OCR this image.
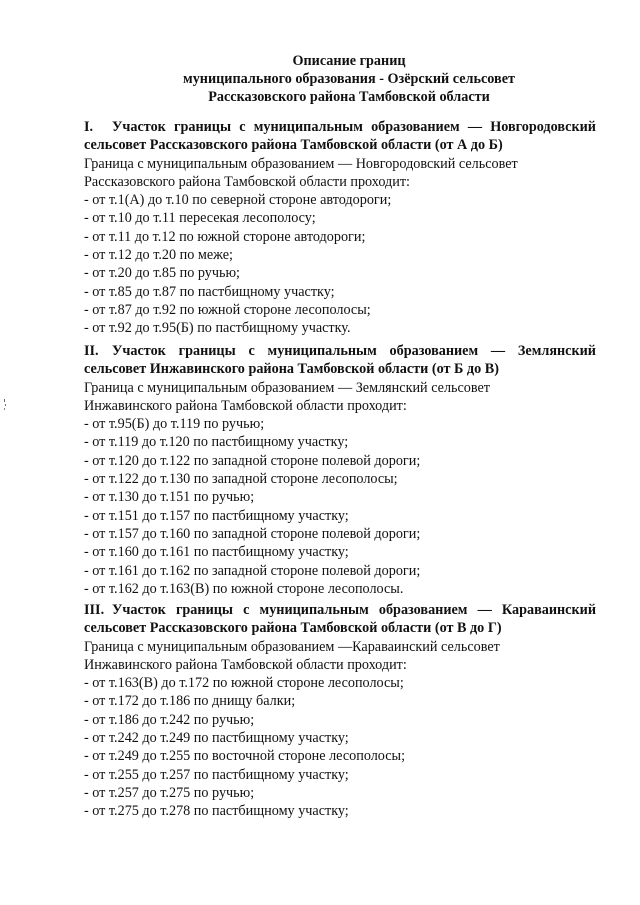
Описание границ
муниципального образования - Озёрский сельсовет
Рассказовского района Тамбовской области
I. Участок границы с муниципальным образованием — Новгородовский сельсовет Рассказовского района Тамбовской области (от А до Б)
Граница с муниципальным образованием — Новгородовский сельсовет
Рассказовского района Тамбовской области проходит:
- от т.1(А) до т.10 по северной стороне автодороги;
- от т.10 до т.11 пересекая лесополосу;
- от т.11 до т.12 по южной стороне автодороги;
- от т.12 до т.20 по меже;
- от т.20 до т.85 по ручью;
- от т.85 до т.87 по пастбищному участку;
- от т.87 до т.92 по южной стороне лесополосы;
- от т.92 до т.95(Б) по пастбищному участку.
II. Участок границы с муниципальным образованием — Землянский сельсовет Инжавинского района Тамбовской области (от Б до В)
Граница с муниципальным образованием — Землянский сельсовет
Инжавинского района Тамбовской области проходит:
- от т.95(Б) до т.119 по ручью;
- от т.119 до т.120 по пастбищному участку;
- от т.120 до т.122 по западной стороне полевой дороги;
- от т.122 до т.130 по западной стороне лесополосы;
- от т.130 до т.151 по ручью;
- от т.151 до т.157 по пастбищному участку;
- от т.157 до т.160 по западной стороне полевой дороги;
- от т.160 до т.161 по пастбищному участку;
- от т.161 до т.162 по западной стороне полевой дороги;
- от т.162 до т.163(В) по южной стороне лесополосы.
III. Участок границы с муниципальным образованием — Караваинский сельсовет Рассказовского района Тамбовской области (от В до Г)
Граница с муниципальным образованием —Караваинский сельсовет
Инжавинского района Тамбовской области проходит:
- от т.163(В) до т.172 по южной стороне лесополосы;
- от т.172 до т.186 по днищу балки;
- от т.186 до т.242 по ручью;
- от т.242 до т.249 по пастбищному участку;
- от т.249 до т.255 по восточной стороне лесополосы;
- от т.255 до т.257 по пастбищному участку;
- от т.257 до т.275 по ручью;
- от т.275 до т.278 по пастбищному участку;
